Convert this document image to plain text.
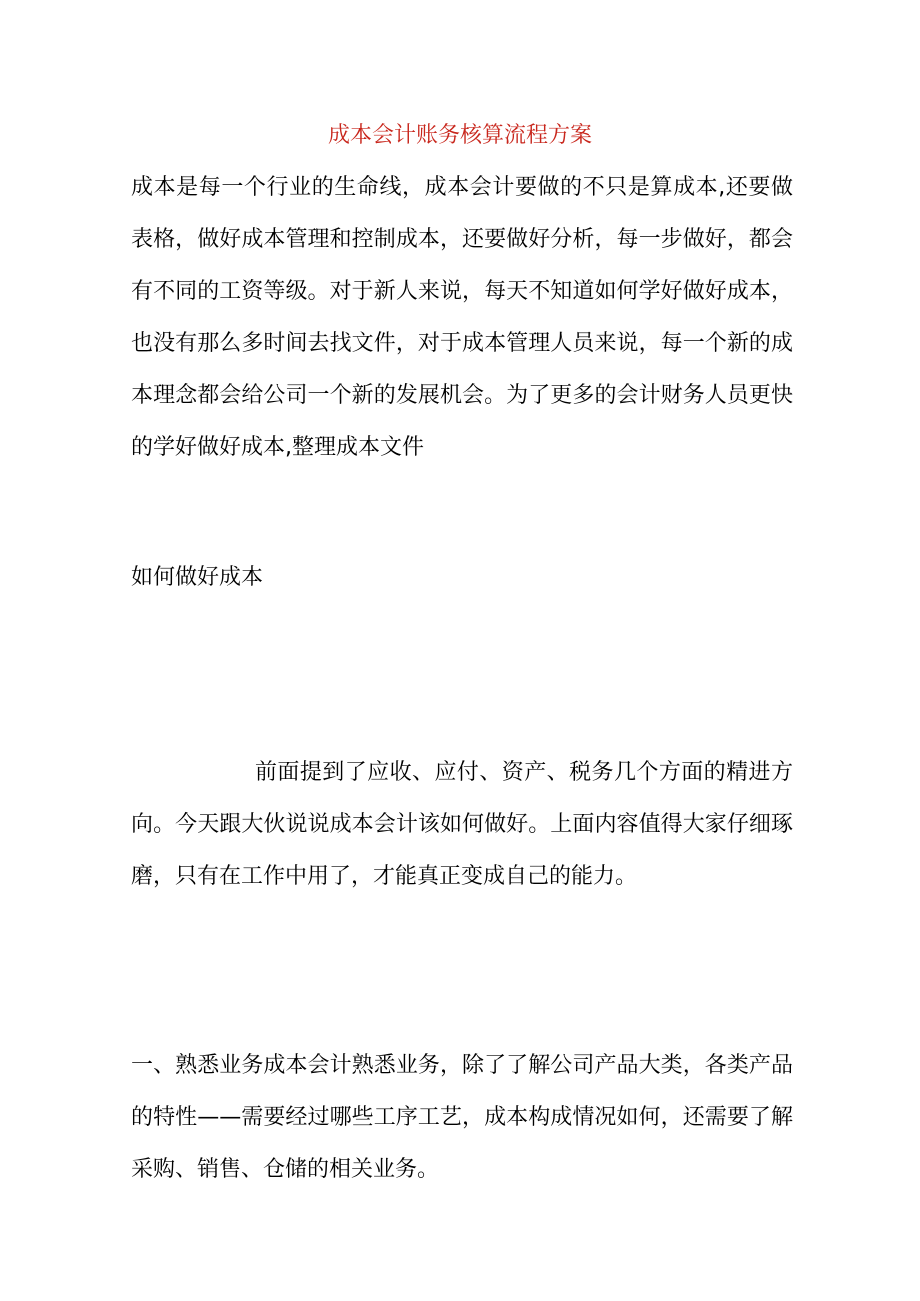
成本会计账务核算流程方案

成本是每一个行业的生命线，成本会计要做的不只是算成本,还要做表格，做好成本管理和控制成本，还要做好分析，每一步做好，都会有不同的工资等级。对于新人来说，每天不知道如何学好做好成本，也没有那么多时间去找文件，对于成本管理人员来说，每一个新的成本理念都会给公司一个新的发展机会。为了更多的会计财务人员更快的学好做好成本,整理成本文件

如何做好成本

前面提到了应收、应付、资产、税务几个方面的精进方向。今天跟大伙说说成本会计该如何做好。上面内容值得大家仔细琢磨，只有在工作中用了，才能真正变成自己的能力。

一、熟悉业务成本会计熟悉业务，除了了解公司产品大类，各类产品的特性——需要经过哪些工序工艺，成本构成情况如何，还需要了解采购、销售、仓储的相关业务。
